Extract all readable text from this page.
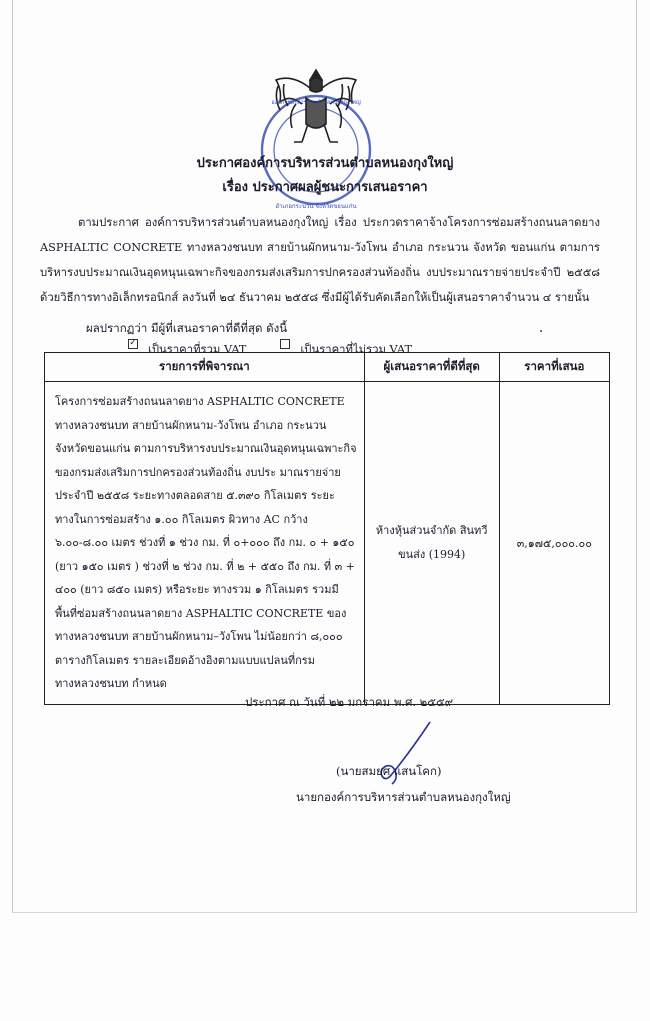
อำเภอกระนวน จังหวัดขอนแก่น
องค์การบริหารส่วนตำบลหนองกุงใหญ่
ประกาศองค์การบริหารส่วนตำบลหนองกุงใหญ่
เรื่อง ประกาศผลผู้ชนะการเสนอราคา
ตามประกาศ องค์การบริหารส่วนตำบลหนองกุงใหญ่ เรื่อง ประกวดราคาจ้างโครงการซ่อมสร้างถนนลาดยาง ASPHALTIC CONCRETE ทางหลวงชนบท สายบ้านผักหนาม-วังโพน อำเภอ กระนวน จังหวัด ขอนแก่น ตามการบริหารงบประมาณเงินอุดหนุนเฉพาะกิจของกรมส่งเสริมการปกครองส่วนท้องถิ่น งบประมาณรายจ่ายประจำปี ๒๕๕๘ ด้วยวิธีการทางอิเล็กทรอนิกส์ ลงวันที่ ๒๔ ธันวาคม ๒๕๕๘ ซึ่งมีผู้ได้รับคัดเลือกให้เป็นผู้เสนอราคาจำนวน ๔ รายนั้น
ผลปรากฏว่า มีผู้ที่เสนอราคาที่ดีที่สุด ดังนี้
✓ เป็นราคาที่รวม VAT	เป็นราคาที่ไม่รวม VAT
รายการที่พิจารณา	ผู้เสนอราคาที่ดีที่สุด	ราคาที่เสนอ
โครงการซ่อมสร้างถนนลาดยาง ASPHALTIC CONCRETE ทางหลวงชนบท สายบ้านผักหนาม-วังโพน อำเภอ กระนวน จังหวัดขอนแก่น ตามการบริหารงบประมาณเงินอุดหนุนเฉพาะกิจของกรมส่งเสริมการปกครองส่วนท้องถิ่น งบประ มาณรายจ่ายประจำปี ๒๕๕๘ ระยะทางตลอดสาย ๕.๓๙๐ กิโลเมตร ระยะ ทางในการซ่อมสร้าง ๑.๐๐ กิโลเมตร ผิวทาง AC กว้าง ๖.๐๐-๘.๐๐ เมตร ช่วงที่ ๑ ช่วง กม. ที่ ๐+๐๐๐ ถึง กม. ๐ + ๑๕๐ (ยาว ๑๕๐ เมตร ) ช่วงที่ ๒ ช่วง กม. ที่ ๒ + ๕๕๐ ถึง กม. ที่ ๓ + ๔๐๐ (ยาว ๘๕๐ เมตร) หรือระยะ ทางรวม ๑ กิโลเมตร รวมมีพื้นที่ซ่อมสร้างถนนลาดยาง ASPHALTIC CONCRETE ของทางหลวงชนบท สายบ้านผักหนาม–วังโพน ไม่น้อยกว่า ๘,๐๐๐ ตารางกิโลเมตร รายละเอียดอ้างอิงตามแบบแปลนที่กรมทางหลวงชนบท กำหนด	ห้างหุ้นส่วนจำกัด สินทวีขนส่ง (1994)	๓,๑๗๕,๐๐๐.๐๐
ประกาศ ณ วันที่ ๒๒ มกราคม พ.ศ. ๒๕๕๙
(นายสมยศ แสนโคก)
นายกองค์การบริหารส่วนตำบลหนองกุงใหญ่
